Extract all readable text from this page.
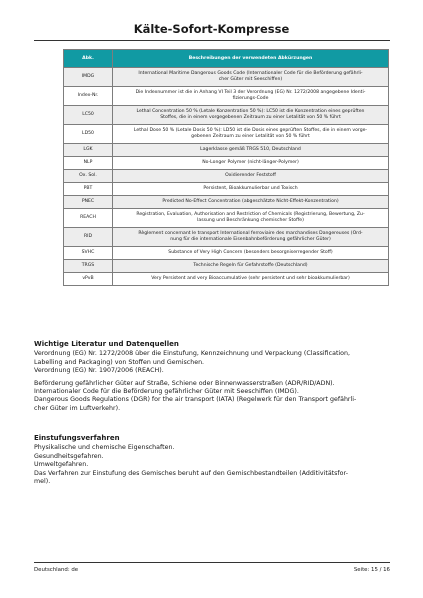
Kälte-Sofort-Kompresse
Abk.	Beschreibungen der verwendeten Abkürzungen
IMDG	International Maritime Dangerous Goods Code (Internationaler Code für die Beförderung gefährli-
cher Güter mit Seeschiffen)

Index-Nr.	Die Indexnummer ist die in Anhang VI Teil 3 der Verordnung (EG) Nr. 1272/2008 angegebene Identi-
fizierungs-Code

LC50	Lethal Concentration 50 % (Letale Konzentration 50 %): LC50 ist die Konzentration eines geprüften
Stoffes, die in einem vorgegebenen Zeitraum zu einer Letalität von 50 % führt

LD50	Lethal Dose 50 % (Letale Dosis 50 %): LD50 ist die Dosis eines geprüften Stoffes, die in einem vorge-
gebenen Zeitraum zu einer Letalität von 50 % führt

LGK	Lagerklasse gemäß TRGS 510, Deutschland

NLP	No-Longer Polymer (nicht-länger-Polymer)

Ox. Sol.	Oxidierender Feststoff

PBT	Persistent, Bioakkumulierbar und Toxisch

PNEC	Predicted No-Effect Concentration (abgeschätzte Nicht-Effekt-Konzentration)

REACH	Registration, Evaluation, Authorisation and Restriction of Chemicals (Registrierung, Bewertung, Zu-
lassung und Beschränkung chemischer Stoffe)

RID	Règlement concernant le transport International ferroviaire des marchandises Dangereuses (Ord-
nung für die internationale Eisenbahnbeförderung gefährlicher Güter)

SVHC	Substance of Very High Concern (besonders besorgniserregender Stoff)

TRGS	Technische Regeln für Gefahrstoffe (Deutschland)

vPvB	Very Persistent and very Bioaccumulative (sehr persistent und sehr bioakkumulierbar)
Wichtige Literatur und Datenquellen

Verordnung (EG) Nr. 1272/2008 über die Einstufung, Kennzeichnung und Verpackung (Classification,
Labelling and Packaging) von Stoffen und Gemischen.
Verordnung (EG) Nr. 1907/2006 (REACH).

Beförderung gefährlicher Güter auf Straße, Schiene oder Binnenwasserstraßen (ADR/RID/ADN).
Internationaler Code für die Beförderung gefährlicher Güter mit Seeschiffen (IMDG).
Dangerous Goods Regulations (DGR) for the air transport (IATA) (Regelwerk für den Transport gefährli-
cher Güter im Luftverkehr).

Einstufungsverfahren
Physikalische und chemische Eigenschaften.
Gesundheitsgefahren.
Umweltgefahren.
Das Verfahren zur Einstufung des Gemisches beruht auf den Gemischbestandteilen (Additivitätsfor-
mel).
Deutschland: de	Seite: 15 / 16
